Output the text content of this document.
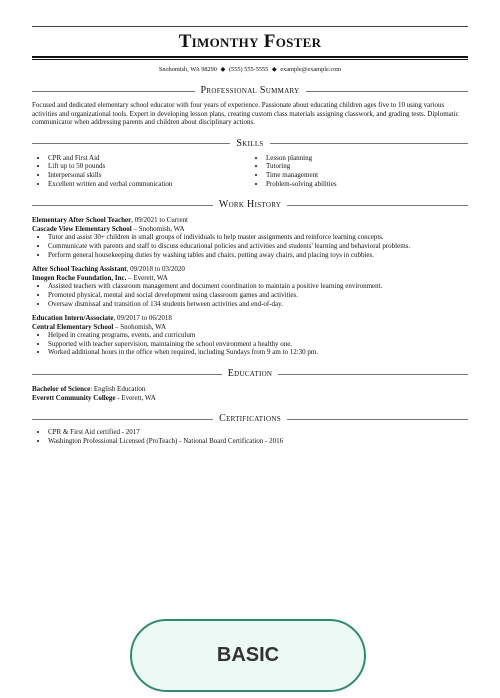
Timonthy Foster
Snohomish, WA 98290 ◆ (555) 555-5555 ◆ example@example.com
Professional Summary
Focused and dedicated elementary school educator with four years of experience. Passionate about educating children ages five to 10 using various activities and organizational tools. Expert in developing lesson plans, creating custom class materials assigning classwork, and grading tests. Diplomatic communicator when addressing parents and children about disciplinary actions.
Skills
• CPR and First Aid
• Lift up to 50 pounds
• Interpersonal skills
• Excellent written and verbal communication
• Lesson planning
• Tutoring
• Time management
• Problem-solving abilities
Work History
Elementary After School Teacher, 09/2021 to Current
Cascade View Elementary School – Snohomish, WA
• Tutor and assist 30+ children in small groups of individuals to help master assignments and reinforce learning concepts.
• Communicate with parents and staff to discuss educational policies and activities and students' learning and behavioral problems.
• Perform general housekeeping duties by washing tables and chairs, putting away chairs, and placing toys in cubbies.
After School Teaching Assistant, 09/2018 to 03/2020
Imogen Roche Foundation, Inc. – Everett, WA
• Assisted teachers with classroom management and document coordination to maintain a positive learning environment.
• Promoted physical, mental and social development using classroom games and activities.
• Oversaw dismissal and transition of 134 students between activities and end-of-day.
Education Intern/Associate, 09/2017 to 06/2018
Central Elementary School – Snohomish, WA
• Helped in creating programs, events, and curriculum
• Supported with teacher supervision, maintaining the school environment a healthy one.
• Worked additional hours in the office when required, including Sundays from 9 am to 12:30 pm.
Education
Bachelor of Science: English Education
Everett Community College - Everett, WA
Certifications
• CPR & First Aid certified - 2017
• Washington Professional Licensed (ProTeach) - National Board Certification - 2016
BASIC
